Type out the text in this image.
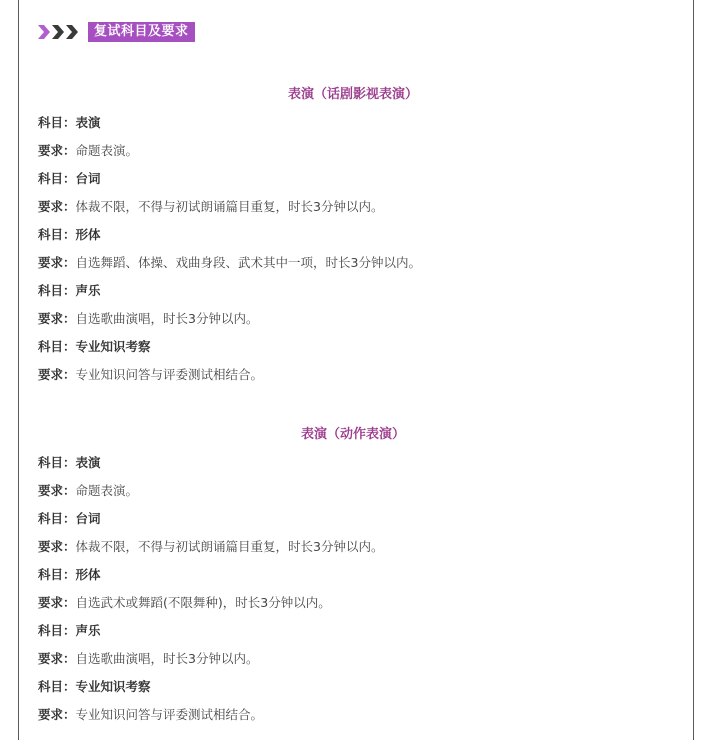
复试科目及要求
表演（话剧影视表演）
科目：表演
要求：命题表演。
科目：台词
要求：体裁不限，不得与初试朗诵篇目重复，时长3分钟以内。
科目：形体
要求：自选舞蹈、体操、戏曲身段、武术其中一项，时长3分钟以内。
科目：声乐
要求：自选歌曲演唱，时长3分钟以内。
科目：专业知识考察
要求：专业知识问答与评委测试相结合。
表演（动作表演）
科目：表演
要求：命题表演。
科目：台词
要求：体裁不限，不得与初试朗诵篇目重复，时长3分钟以内。
科目：形体
要求：自选武术或舞蹈(不限舞种)，时长3分钟以内。
科目：声乐
要求：自选歌曲演唱，时长3分钟以内。
科目：专业知识考察
要求：专业知识问答与评委测试相结合。
